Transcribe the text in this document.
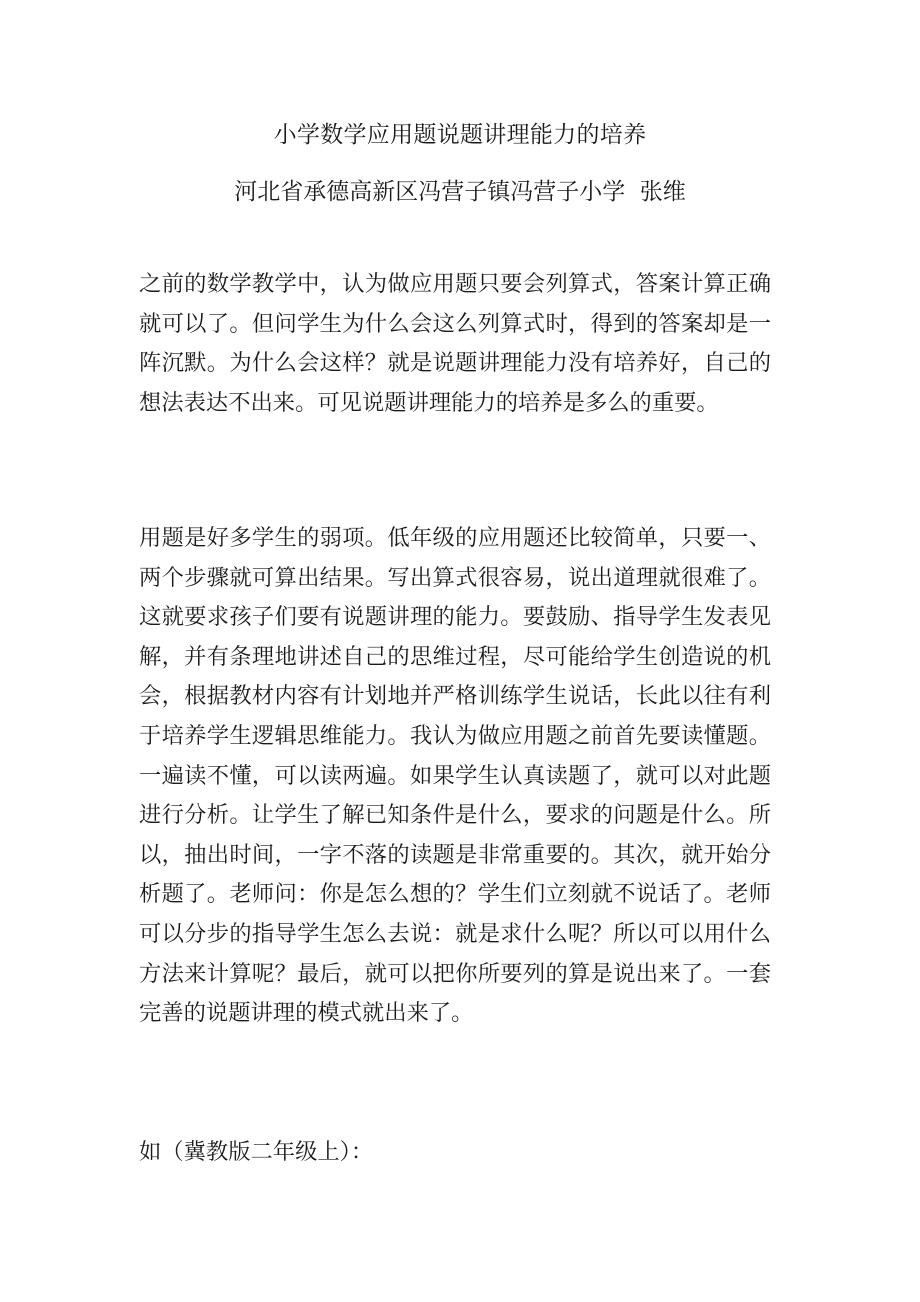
小学数学应用题说题讲理能力的培养
河北省承德高新区冯营子镇冯营子小学  张维

之前的数学教学中，认为做应用题只要会列算式，答案计算正确就可以了。但问学生为什么会这么列算式时，得到的答案却是一阵沉默。为什么会这样？就是说题讲理能力没有培养好，自己的想法表达不出来。可见说题讲理能力的培养是多么的重要。

用题是好多学生的弱项。低年级的应用题还比较简单，只要一、两个步骤就可算出结果。写出算式很容易，说出道理就很难了。这就要求孩子们要有说题讲理的能力。要鼓励、指导学生发表见解，并有条理地讲述自己的思维过程，尽可能给学生创造说的机会，根据教材内容有计划地并严格训练学生说话，长此以往有利于培养学生逻辑思维能力。我认为做应用题之前首先要读懂题。一遍读不懂，可以读两遍。如果学生认真读题了，就可以对此题进行分析。让学生了解已知条件是什么，要求的问题是什么。所以，抽出时间，一字不落的读题是非常重要的。其次，就开始分析题了。老师问：你是怎么想的？学生们立刻就不说话了。老师可以分步的指导学生怎么去说：就是求什么呢？所以可以用什么方法来计算呢？最后，就可以把你所要列的算是说出来了。一套完善的说题讲理的模式就出来了。

如（冀教版二年级上）：
